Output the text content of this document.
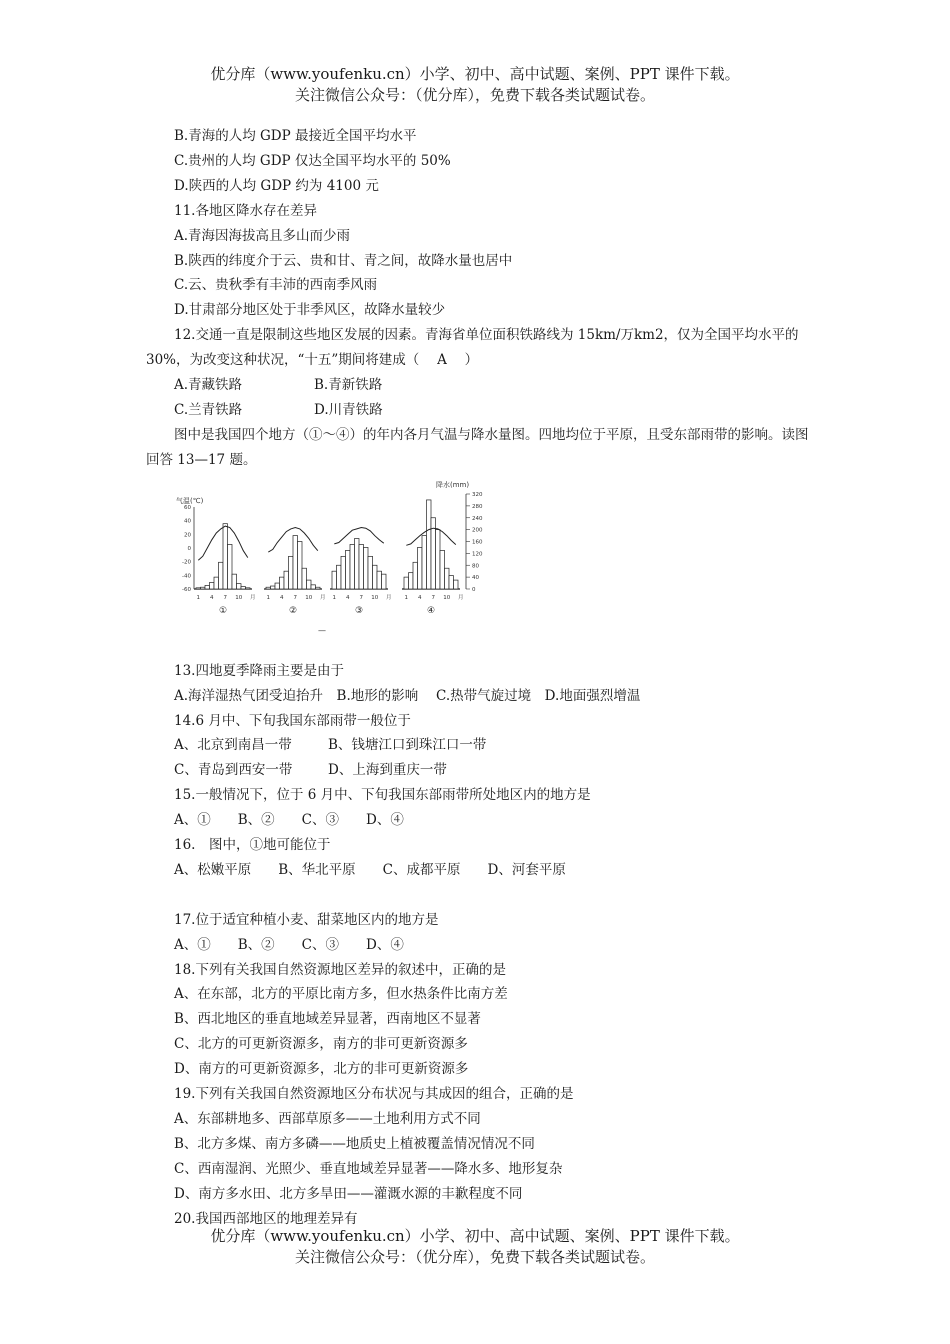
优分库（www.youfenku.cn）小学、初中、高中试题、案例、PPT 课件下载。
关注微信公众号：（优分库），免费下载各类试题试卷。
B.青海的人均 GDP 最接近全国平均水平
C.贵州的人均 GDP 仅达全国平均水平的 50%
D.陕西的人均 GDP 约为 4100 元
11.各地区降水存在差异
A.青海因海拔高且多山而少雨
B.陕西的纬度介于云、贵和甘、青之间，故降水量也居中
C.云、贵秋季有丰沛的西南季风雨
D.甘肃部分地区处于非季风区，故降水量较少
12.交通一直是限制这些地区发展的因素。青海省单位面积铁路线为 15km/万km2，仅为全国平均水平的 30%，为改变这种状况，“十五”期间将建成（　 A　 ）
A.青藏铁路	B.青新铁路
C.兰青铁路	D.川青铁路
图中是我国四个地方（①～④）的年内各月气温与降水量图。四地均位于平原，且受东部雨带的影响。读图回答 13—17 题。
气温(℃)
60
40
20
0
-20
-40
-60
降水(mm)
320
280
240
200
160
120
80
40
0
1 4 7 10 月
①
1 4 7 10 月
②
1 4 7 10 月
③
1 4 7 10 月
④
—
13.四地夏季降雨主要是由于
A.海洋湿热气团受迫抬升　B.地形的影响　 C.热带气旋过境　D.地面强烈增温
14.6 月中、下旬我国东部雨带一般位于
A、北京到南昌一带	B、钱塘江口到珠江口一带
C、青岛到西安一带	D、上海到重庆一带
15.一般情况下，位于 6 月中、下旬我国东部雨带所处地区内的地方是
A、①　　B、②　　C、③　　D、④
16.　图中，①地可能位于
A、松嫩平原　　B、华北平原　　C、成都平原　　D、河套平原
17.位于适宜种植小麦、甜菜地区内的地方是
A、①　　B、②　　C、③　　D、④
18.下列有关我国自然资源地区差异的叙述中，正确的是
A、在东部，北方的平原比南方多，但水热条件比南方差
B、西北地区的垂直地域差异显著，西南地区不显著
C、北方的可更新资源多，南方的非可更新资源多
D、南方的可更新资源多，北方的非可更新资源多
19.下列有关我国自然资源地区分布状况与其成因的组合，正确的是
A、东部耕地多、西部草原多——土地利用方式不同
B、北方多煤、南方多磷——地质史上植被覆盖情况情况不同
C、西南湿润、光照少、垂直地域差异显著——降水多、地形复杂
D、南方多水田、北方多旱田——灌溉水源的丰歉程度不同
20.我国西部地区的地理差异有
优分库（www.youfenku.cn）小学、初中、高中试题、案例、PPT 课件下载。
关注微信公众号：（优分库），免费下载各类试题试卷。
